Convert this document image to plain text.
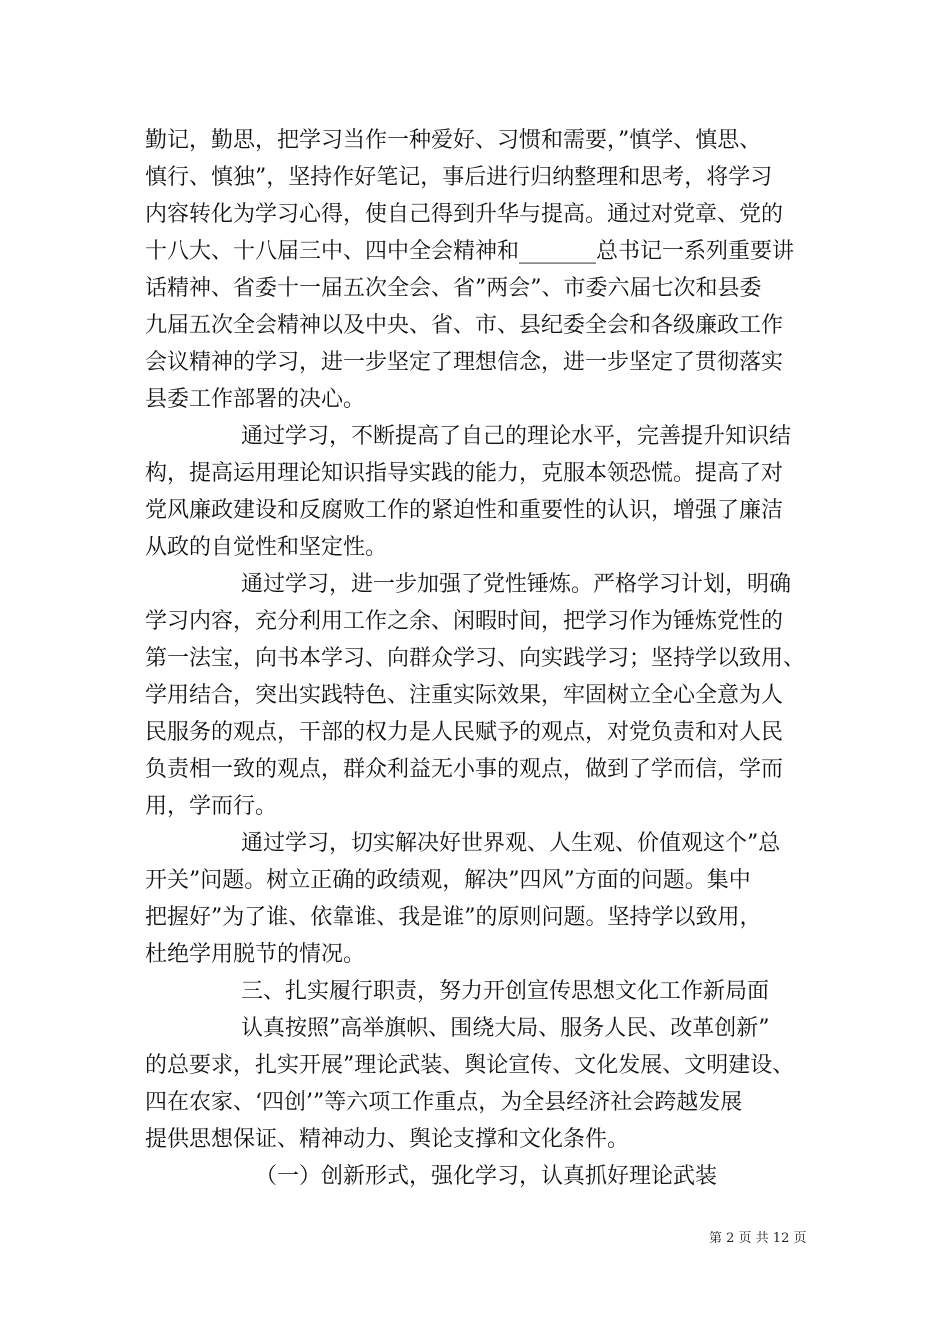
勤记，勤思，把学习当作一种爱好、习惯和需要，”慎学、慎思、
慎行、慎独”，坚持作好笔记，事后进行归纳整理和思考，将学习
内容转化为学习心得，使自己得到升华与提高。通过对党章、党的
十八大、十八届三中、四中全会精神和_______总书记一系列重要讲
话精神、省委十一届五次全会、省”两会”、市委六届七次和县委
九届五次全会精神以及中央、省、市、县纪委全会和各级廉政工作
会议精神的学习，进一步坚定了理想信念，进一步坚定了贯彻落实
县委工作部署的决心。
通过学习，不断提高了自己的理论水平，完善提升知识结
构，提高运用理论知识指导实践的能力，克服本领恐慌。提高了对
党风廉政建设和反腐败工作的紧迫性和重要性的认识，增强了廉洁
从政的自觉性和坚定性。
通过学习，进一步加强了党性锤炼。严格学习计划，明确
学习内容，充分利用工作之余、闲暇时间，把学习作为锤炼党性的
第一法宝，向书本学习、向群众学习、向实践学习；坚持学以致用、
学用结合，突出实践特色、注重实际效果，牢固树立全心全意为人
民服务的观点，干部的权力是人民赋予的观点，对党负责和对人民
负责相一致的观点，群众利益无小事的观点，做到了学而信，学而
用，学而行。
通过学习，切实解决好世界观、人生观、价值观这个”总
开关”问题。树立正确的政绩观，解决”四风”方面的问题。集中
把握好”为了谁、依靠谁、我是谁”的原则问题。坚持学以致用，
杜绝学用脱节的情况。
三、扎实履行职责，努力开创宣传思想文化工作新局面
认真按照”高举旗帜、围绕大局、服务人民、改革创新”
的总要求，扎实开展”理论武装、舆论宣传、文化发展、文明建设、
四在农家、‘四创’”等六项工作重点，为全县经济社会跨越发展
提供思想保证、精神动力、舆论支撑和文化条件。
（一）创新形式，强化学习，认真抓好理论武装
第 2 页 共 12 页
